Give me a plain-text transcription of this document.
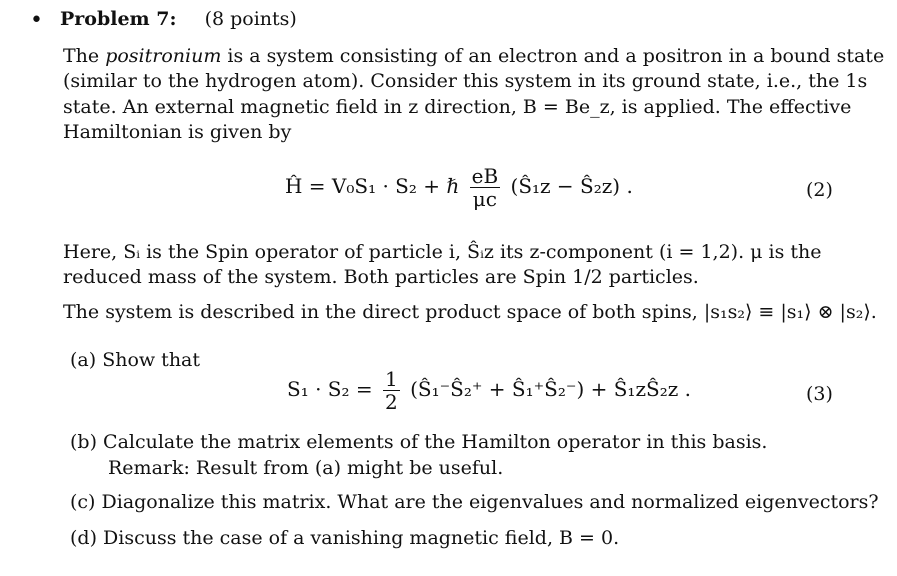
• Problem 7: (8 points)
The positronium is a system consisting of an electron and a positron in a bound state
(similar to the hydrogen atom). Consider this system in its ground state, i.e., the 1s
state. An external magnetic field in z direction, B = Be_z, is applied. The effective
Hamiltonian is given by
Ĥ = V₀S₁ · S₂ + ℏ $\frac{eB}{\mu c}$ (Ŝ₁z − Ŝ₂z) .	(2)
Here, Sᵢ is the Spin operator of particle i, Ŝᵢz its z-component (i = 1,2). μ is the
reduced mass of the system. Both particles are Spin 1/2 particles.
The system is described in the direct product space of both spins, |s₁s₂⟩ ≡ |s₁⟩ ⊗ |s₂⟩.
(a) Show that
$S_1 \cdot S_2 = \frac{1}{2}$ (Ŝ₁⁻Ŝ₂⁺ + Ŝ₁⁺Ŝ₂⁻) + Ŝ₁zŜ₂z .	(3)
(b) Calculate the matrix elements of the Hamilton operator in this basis.
Remark: Result from (a) might be useful.
(c) Diagonalize this matrix. What are the eigenvalues and normalized eigenvectors?
(d) Discuss the case of a vanishing magnetic field, B = 0.
